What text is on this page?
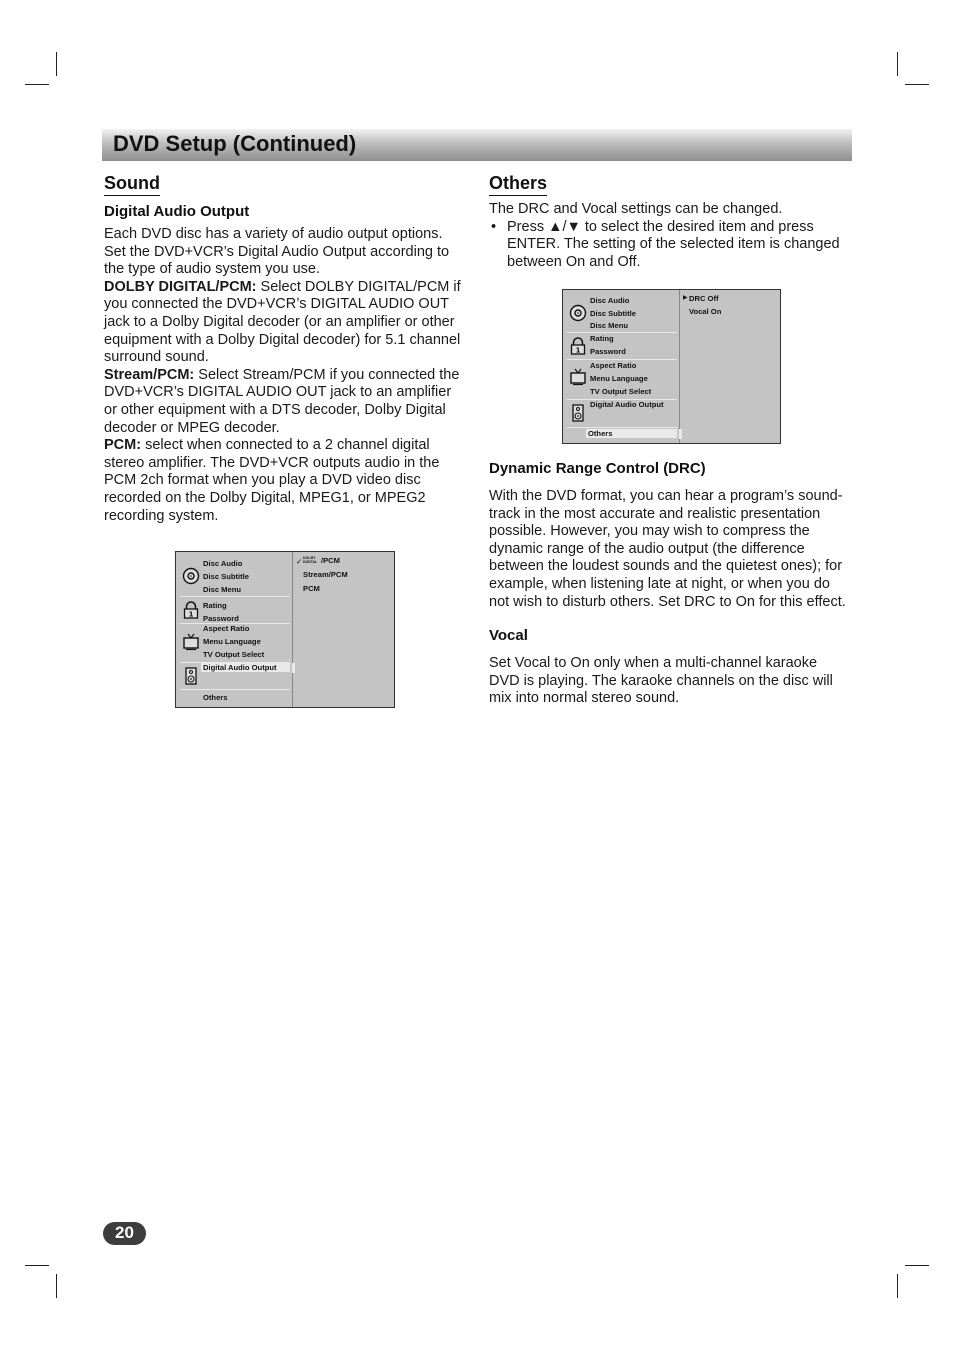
DVD Setup (Continued)
Sound
Digital Audio Output

Each DVD disc has a variety of audio output options. Set the DVD+VCR’s Digital Audio Output according to the type of audio system you use.

DOLBY DIGITAL/PCM: Select DOLBY DIGITAL/PCM if you connected the DVD+VCR’s DIGITAL AUDIO OUT jack to a Dolby Digital decoder (or an amplifier or other equipment with a Dolby Digital decoder) for 5.1 channel surround sound.

Stream/PCM: Select Stream/PCM if you connected the DVD+VCR’s DIGITAL AUDIO OUT jack to an amplifier or other equipment with a DTS decoder, Dolby Digital decoder or MPEG decoder.

PCM: select when connected to a 2 channel digital stereo amplifier. The DVD+VCR outputs audio in the PCM 2ch format when you play a DVD video disc recorded on the Dolby Digital, MPEG1, or MPEG2 recording system.

Disc Audio
Disc Subtitle
Disc Menu
1
Rating
Password
Aspect Ratio
Menu Language
TV Output Select
Digital Audio Output
Others
✓ DOLBY
DIGITAL /PCM
Stream/PCM
PCM
Others

The DRC and Vocal settings can be changed.

• Press ▲/▼ to select the desired item and press ENTER. The setting of the selected item is changed between On and Off.

Disc Audio
Disc Subtitle
Disc Menu
1
Rating
Password
Aspect Ratio
Menu Language
TV Output Select
Digital Audio Output
Others
▶ DRC Off
Vocal On
Dynamic Range Control (DRC)
With the DVD format, you can hear a program’s sound-track in the most accurate and realistic presentation possible. However, you may wish to compress the dynamic range of the audio output (the difference between the loudest sounds and the quietest ones); for example, when listening late at night, or when you do not wish to disturb others. Set DRC to On for this effect.
Vocal
Set Vocal to On only when a multi-channel karaoke DVD is playing. The karaoke channels on the disc will mix into normal stereo sound.
20
